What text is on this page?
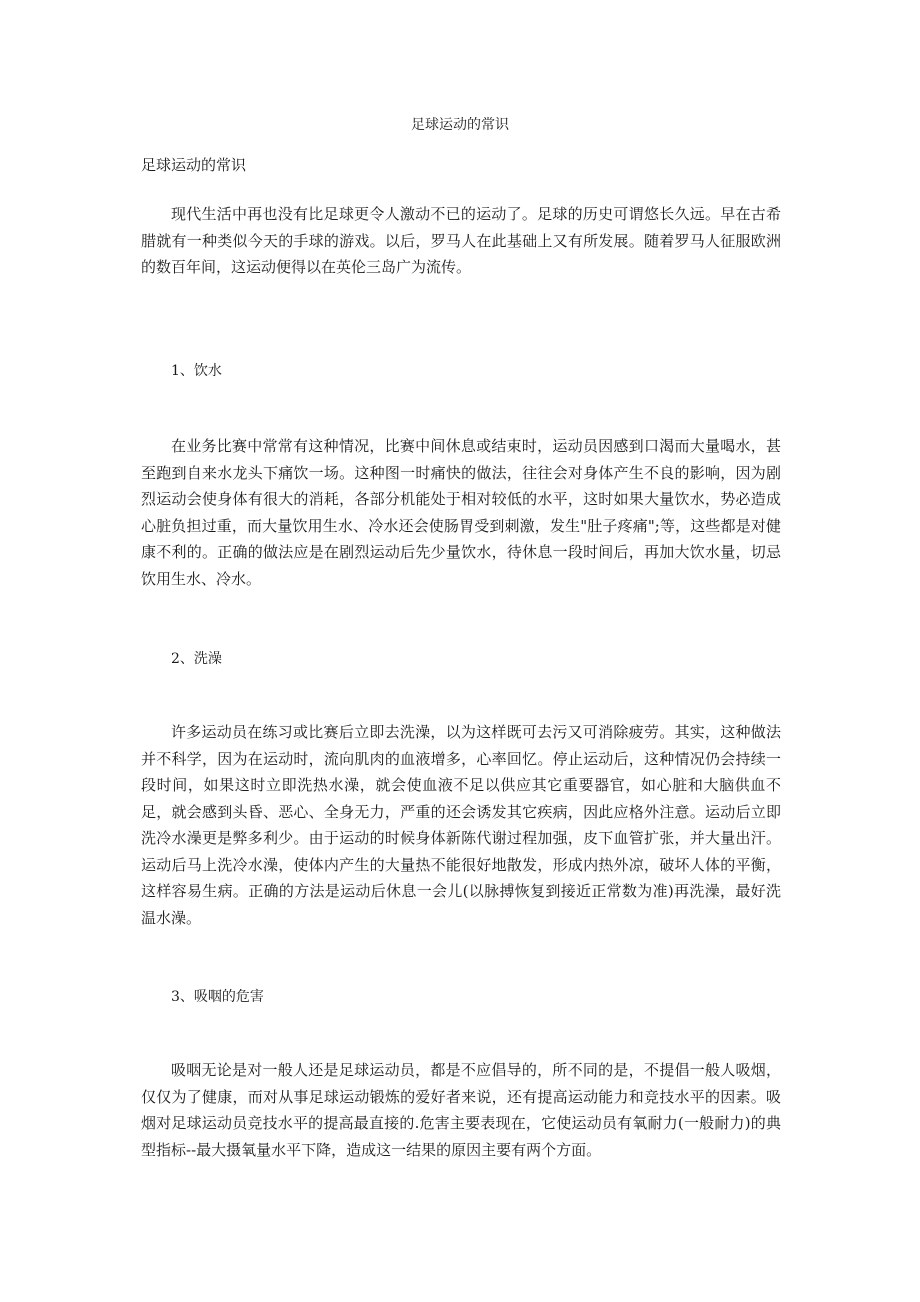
足球运动的常识

足球运动的常识

现代生活中再也没有比足球更令人激动不已的运动了。足球的历史可谓悠长久远。早在古希腊就有一种类似今天的手球的游戏。以后，罗马人在此基础上又有所发展。随着罗马人征服欧洲的数百年间，这运动便得以在英伦三岛广为流传。

1、饮水

在业务比赛中常常有这种情况，比赛中间休息或结束时，运动员因感到口渴而大量喝水，甚至跑到自来水龙头下痛饮一场。这种图一时痛快的做法，往往会对身体产生不良的影响，因为剧烈运动会使身体有很大的消耗，各部分机能处于相对较低的水平，这时如果大量饮水，势必造成心脏负担过重，而大量饮用生水、冷水还会使肠胃受到刺激，发生"肚子疼痛";等，这些都是对健康不利的。正确的做法应是在剧烈运动后先少量饮水，待休息一段时间后，再加大饮水量，切忌饮用生水、冷水。

2、洗澡

许多运动员在练习或比赛后立即去洗澡，以为这样既可去污又可消除疲劳。其实，这种做法并不科学，因为在运动时，流向肌肉的血液增多，心率回忆。停止运动后，这种情况仍会持续一段时间，如果这时立即洗热水澡，就会使血液不足以供应其它重要器官，如心脏和大脑供血不足，就会感到头昏、恶心、全身无力，严重的还会诱发其它疾病，因此应格外注意。运动后立即洗冷水澡更是弊多利少。由于运动的时候身体新陈代谢过程加强，皮下血管扩张，并大量出汗。运动后马上洗冷水澡，使体内产生的大量热不能很好地散发，形成内热外凉，破坏人体的平衡，这样容易生病。正确的方法是运动后休息一会儿(以脉搏恢复到接近正常数为准)再洗澡，最好洗温水澡。

3、吸咽的危害

吸咽无论是对一般人还是足球运动员，都是不应倡导的，所不同的是，不提倡一般人吸烟，仅仅为了健康，而对从事足球运动锻炼的爱好者来说，还有提高运动能力和竞技水平的因素。吸烟对足球运动员竞技水平的提高最直接的.危害主要表现在，它使运动员有氧耐力(一般耐力)的典型指标--最大摄氧量水平下降，造成这一结果的原因主要有两个方面。
